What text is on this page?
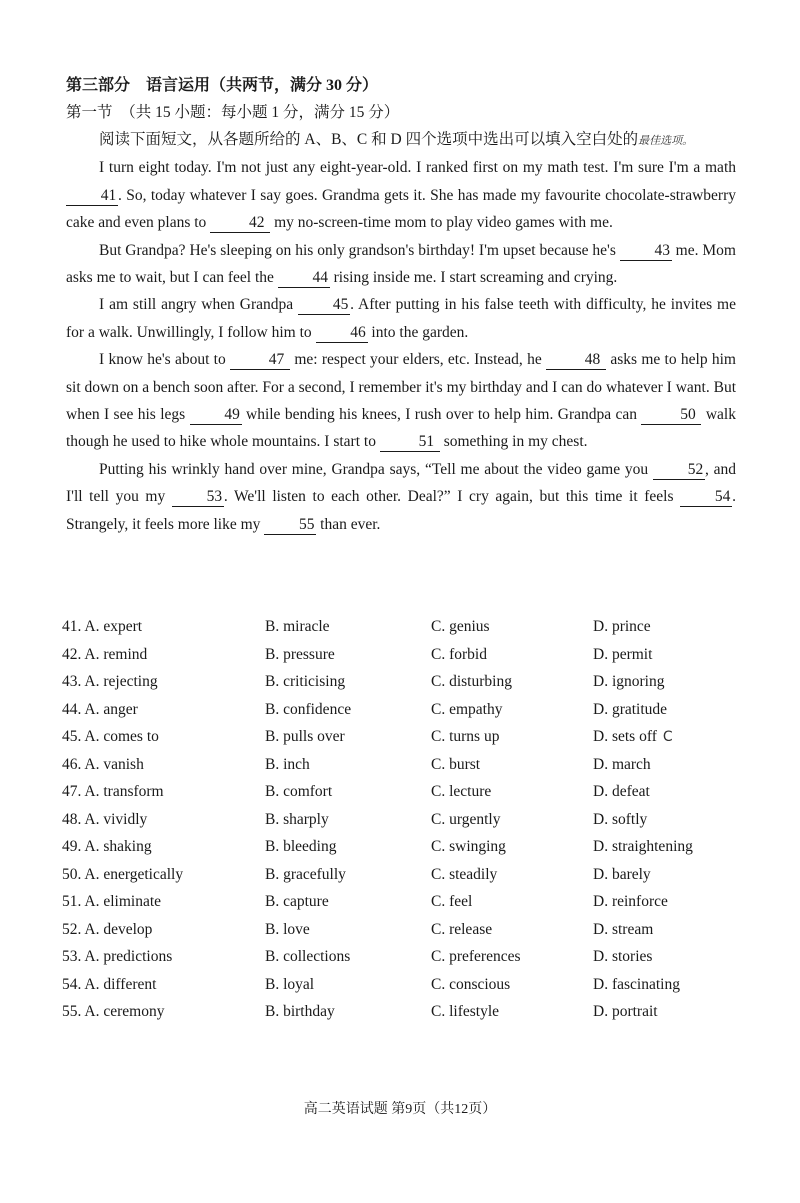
第三部分　语言运用（共两节，满分 30 分）
第一节　（共 15 小题：每小题 1 分，满分 15 分）

阅读下面短文，从各题所给的 A、B、C 和 D 四个选项中选出可以填入空白处的最佳选项。

I turn eight today. I'm not just any eight-year-old. I ranked first on my math test. I'm sure I'm a math 41 . So, today whatever I say goes. Grandma gets it. She has made my favourite chocolate-strawberry cake and even plans to	42 my no-screen-time mom to play video games with me.

But Grandpa? He's sleeping on his only grandson's birthday! I'm upset because he's 43 me. Mom asks me to wait, but I can feel the 44 rising inside me. I start screaming and crying.

I am still angry when Grandpa 45 . After putting in his false teeth with difficulty, he invites me for a walk. Unwillingly, I follow him to 46 into the garden.

I know he's about to	47 me: respect your elders, etc. Instead, he	48 asks me to help him sit down on a bench soon after. For a second, I remember it's my birthday and I can do whatever I want. But when I see his legs 49 while bending his knees, I rush over to help him. Grandpa can	50 walk though he used to hike whole mountains. I start to	51 something in my chest.

Putting his wrinkly hand over mine, Grandpa says, “Tell me about the video game you 52 , and I'll tell you my 53 . We'll listen to each other. Deal?” I cry again, but this time it feels 54 . Strangely, it feels more like my 55 than ever.

41. A. expert	B. miracle	C. genius	D. prince
42. A. remind	B. pressure	C. forbid	D. permit
43. A. rejecting	B. criticising	C. disturbing	D. ignoring
44. A. anger	B. confidence	C. empathy	D. gratitude
45. A. comes to	B. pulls over	C. turns up	D. sets off C
46. A. vanish	B. inch	C. burst	D. march
47. A. transform	B. comfort	C. lecture	D. defeat
48. A. vividly	B. sharply	C. urgently	D. softly
49. A. shaking	B. bleeding	C. swinging	D. straightening
50. A. energetically	B. gracefully	C. steadily	D. barely
51. A. eliminate	B. capture	C. feel	D. reinforce
52. A. develop	B. love	C. release	D. stream
53. A. predictions	B. collections	C. preferences	D. stories
54. A. different	B. loyal	C. conscious	D. fascinating
55. A. ceremony	B. birthday	C. lifestyle	D. portrait
高二英语试题 第9页（共12页）
